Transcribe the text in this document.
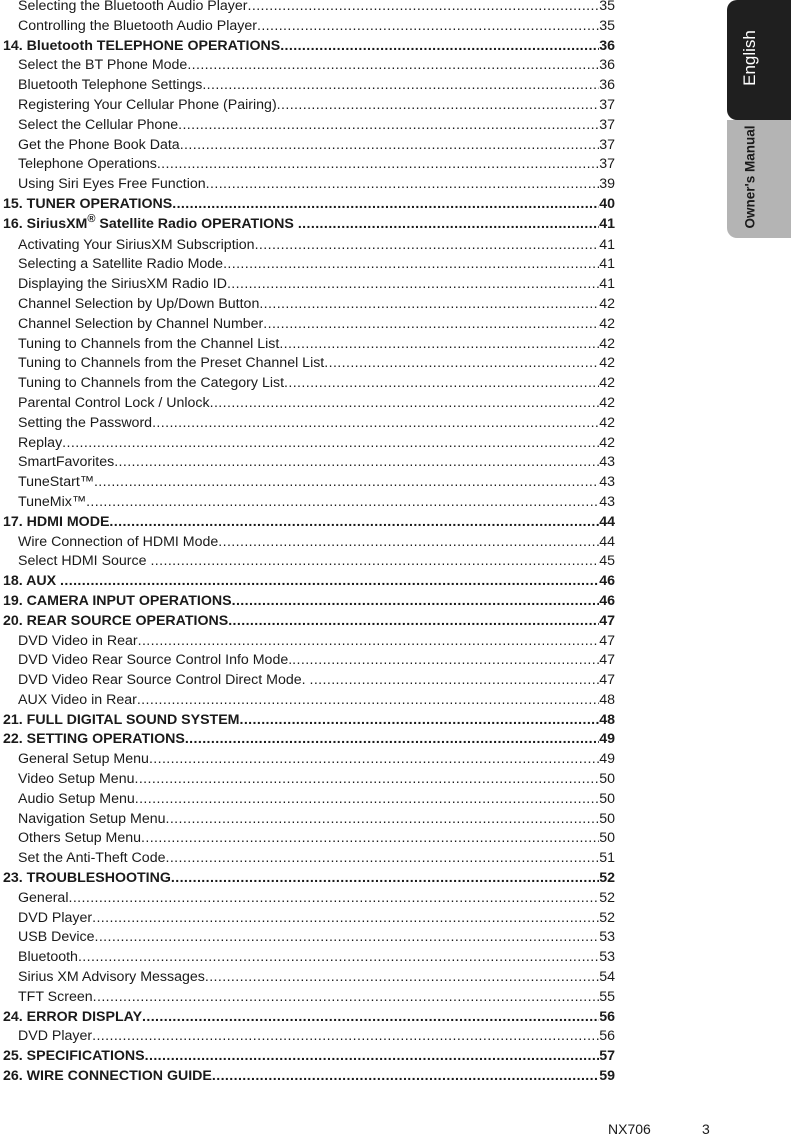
Selecting the Bluetooth Audio Player .....	35
Controlling the Bluetooth Audio Player .....	35
14. Bluetooth TELEPHONE OPERATIONS .....	36
Select the BT Phone Mode .....	36
Bluetooth Telephone Settings .....	36
Registering Your Cellular Phone (Pairing) .....	37
Select the Cellular Phone .....	37
Get the Phone Book Data .....	37
Telephone Operations .....	37
Using Siri Eyes Free Function .....	39
15. TUNER OPERATIONS .....	40
16. SiriusXM® Satellite Radio OPERATIONS .....	41
Activating Your SiriusXM Subscription .....	41
Selecting a Satellite Radio Mode .....	41
Displaying the SiriusXM Radio ID .....	41
Channel Selection by Up/Down Button .....	42
Channel Selection by Channel Number .....	42
Tuning to Channels from the Channel List .....	42
Tuning to Channels from the Preset Channel List .....	42
Tuning to Channels from the Category List .....	42
Parental Control Lock / Unlock .....	42
Setting the Password .....	42
Replay .....	42
SmartFavorites .....	43
TuneStart™ .....	43
TuneMix™ .....	43
17. HDMI MODE .....	44
Wire Connection of HDMI Mode .....	44
Select HDMI Source .....	45
18. AUX .....	46
19. CAMERA INPUT OPERATIONS .....	46
20. REAR SOURCE OPERATIONS .....	47
DVD Video in Rear .....	47
DVD Video Rear Source Control Info Mode. .....	47
DVD Video Rear Source Control Direct Mode. .....	47
AUX Video in Rear .....	48
21. FULL DIGITAL SOUND SYSTEM .....	48
22. SETTING OPERATIONS .....	49
General Setup Menu .....	49
Video Setup Menu .....	50
Audio Setup Menu .....	50
Navigation Setup Menu .....	50
Others Setup Menu .....	50
Set the Anti-Theft Code .....	51
23. TROUBLESHOOTING .....	52
General .....	52
DVD Player .....	52
USB Device .....	53
Bluetooth .....	53
Sirius XM Advisory Messages .....	54
TFT Screen .....	55
24. ERROR DISPLAY .....	56
DVD Player .....	56
25. SPECIFICATIONS .....	57
26. WIRE CONNECTION GUIDE .....	59
English
Owner's Manual
NX706	3
